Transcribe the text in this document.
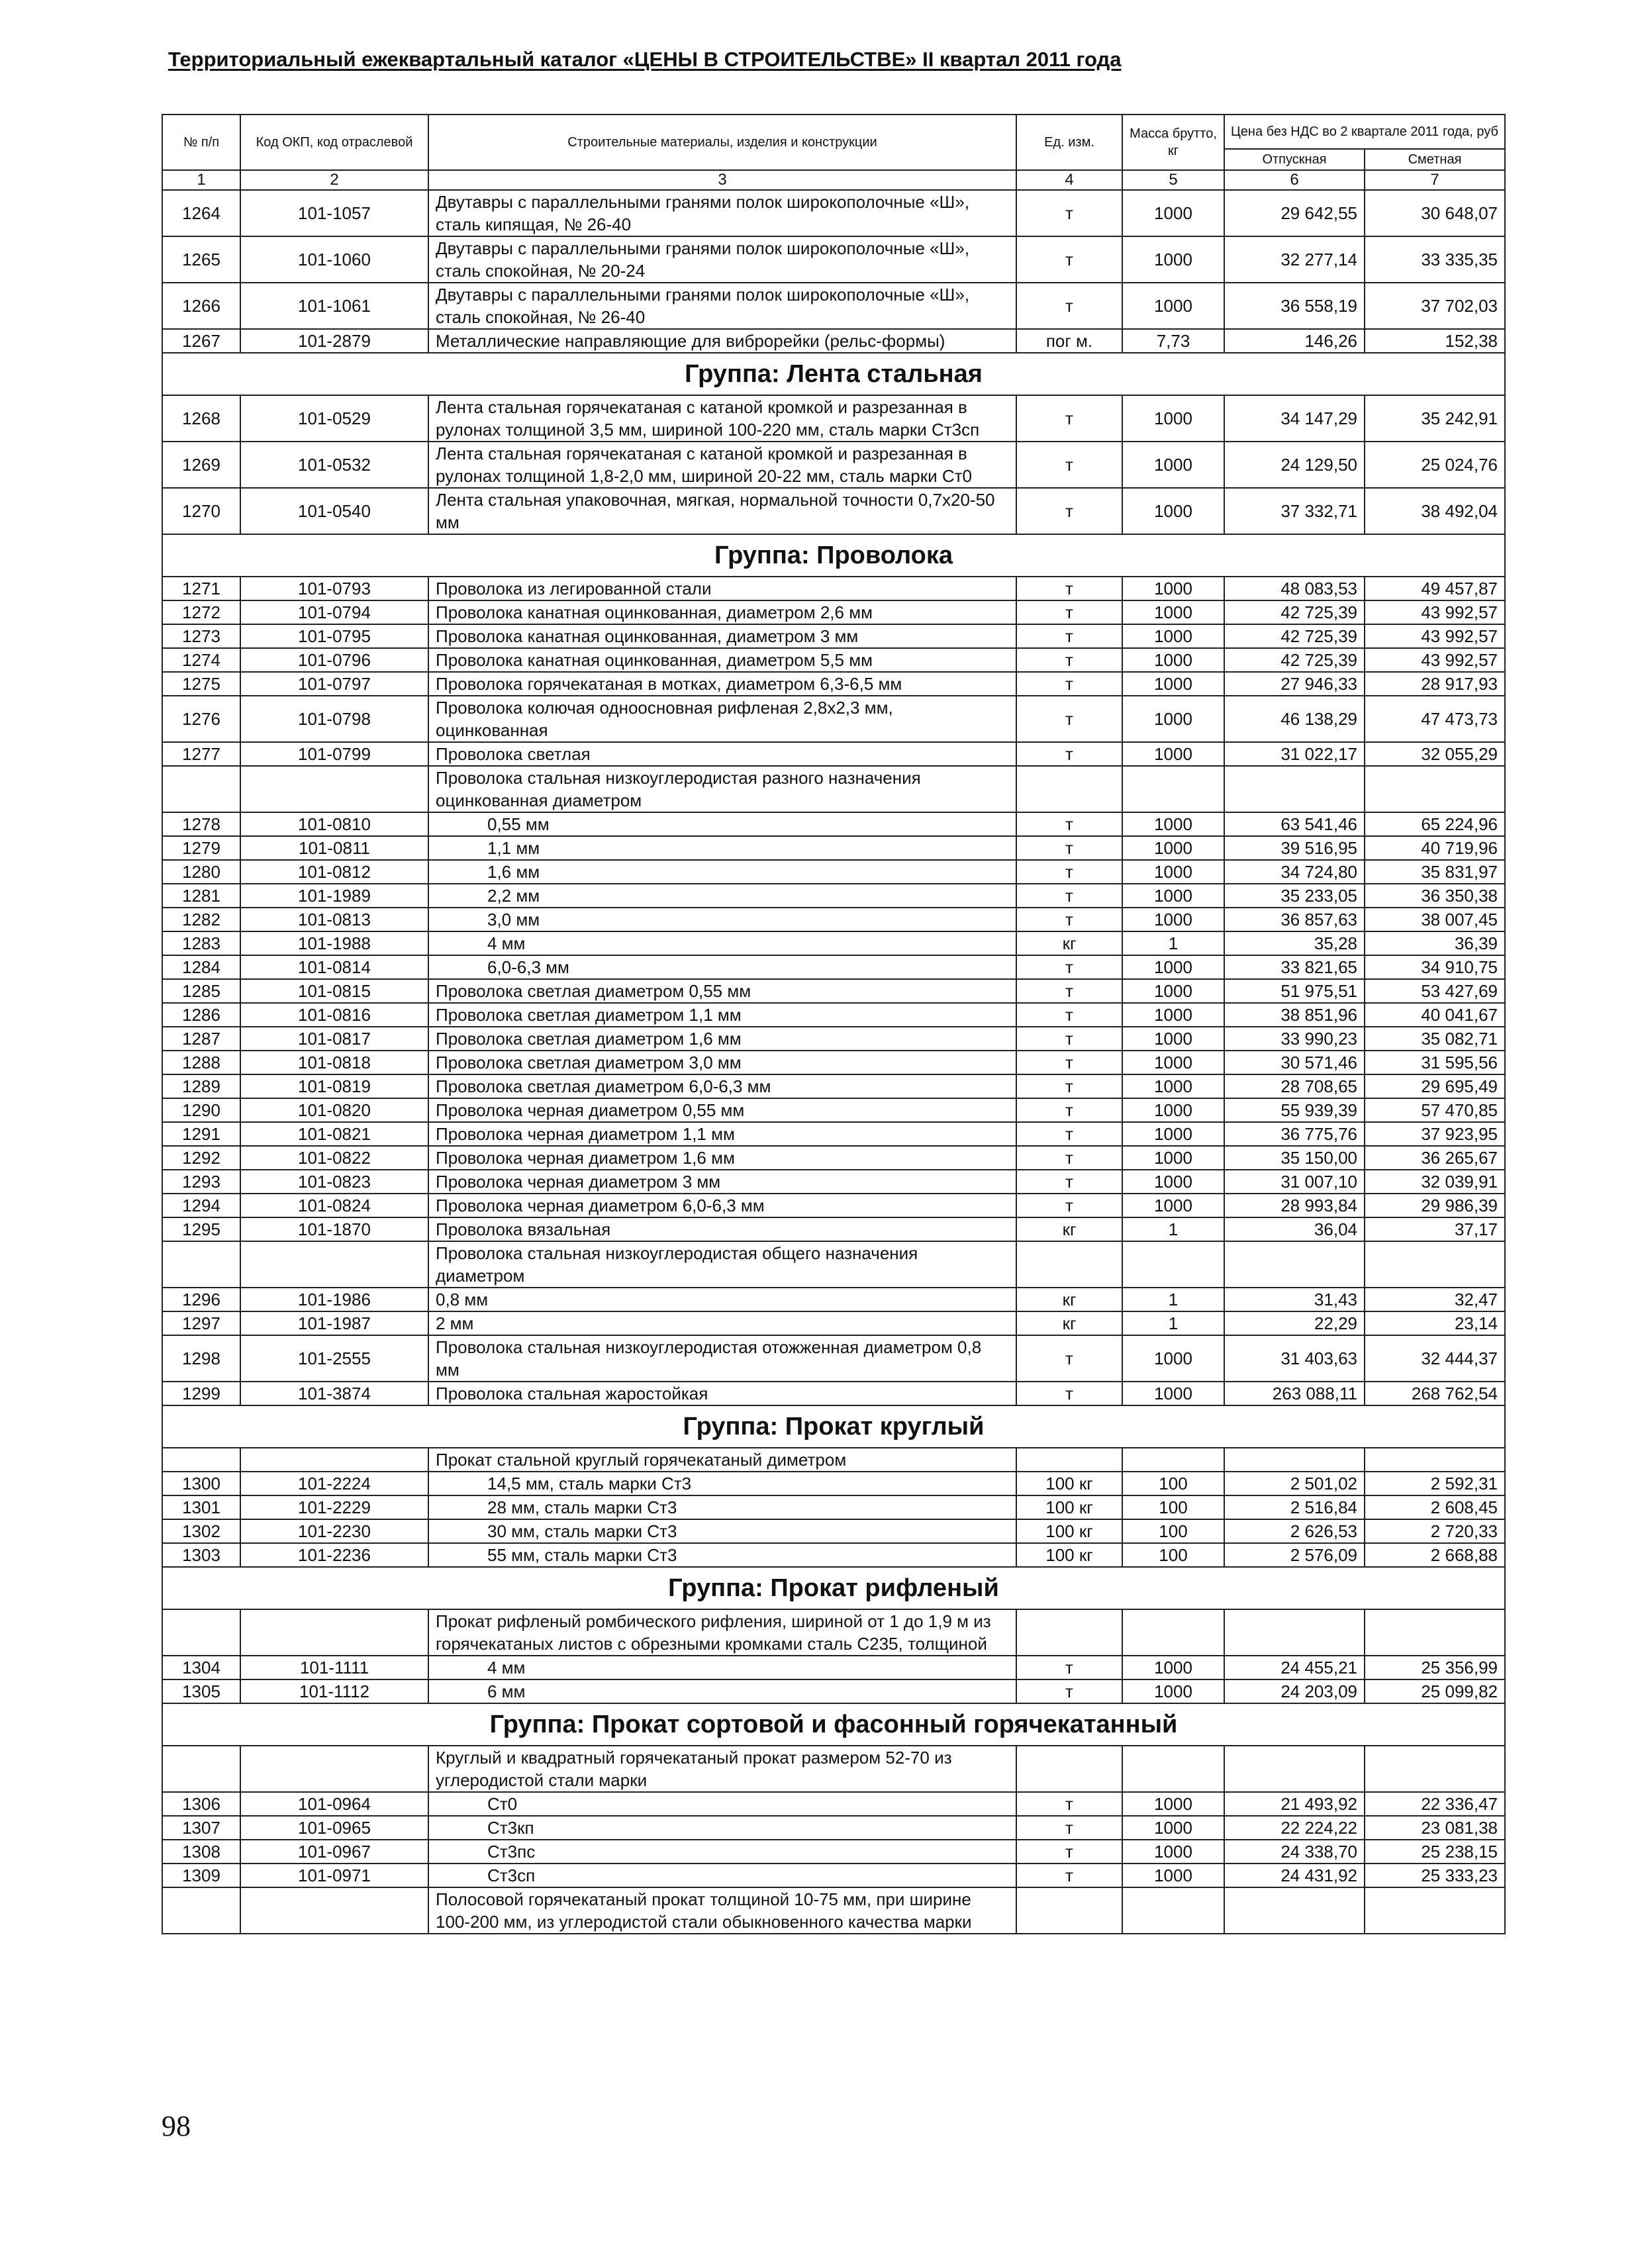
Территориальный ежеквартальный каталог «ЦЕНЫ В СТРОИТЕЛЬСТВЕ» II квартал 2011 года
№ п/п	Код ОКП, код отраслевой	Строительные материалы, изделия и конструкции	Ед. изм.	Масса брутто, кг	Цена без НДС во 2 квартале 2011 года, руб	
					Отпускная	Сметная
1	2	3	4	5	6	7
1264	101-1057	Двутавры с параллельными гранями полок широкополочные «Ш», сталь кипящая, № 26-40	т	1000	29 642,55	30 648,07
1265	101-1060	Двутавры с параллельными гранями полок широкополочные «Ш», сталь спокойная, № 20-24	т	1000	32 277,14	33 335,35
1266	101-1061	Двутавры с параллельными гранями полок широкополочные «Ш», сталь спокойная, № 26-40	т	1000	36 558,19	37 702,03
1267	101-2879	Металлические направляющие для виброрейки (рельс-формы)	пог м.	7,73	146,26	152,38
Группа: Лента стальная						
1268	101-0529	Лента стальная горячекатаная с катаной кромкой и разрезанная в рулонах толщиной 3,5 мм, шириной 100-220 мм, сталь марки Ст3сп	т	1000	34 147,29	35 242,91
1269	101-0532	Лента стальная горячекатаная с катаной кромкой и разрезанная в рулонах толщиной 1,8-2,0 мм, шириной 20-22 мм, сталь марки Ст0	т	1000	24 129,50	25 024,76
1270	101-0540	Лента стальная упаковочная, мягкая, нормальной точности 0,7х20-50 мм	т	1000	37 332,71	38 492,04
Группа: Проволока						
1271	101-0793	Проволока из легированной стали	т	1000	48 083,53	49 457,87
1272	101-0794	Проволока канатная оцинкованная, диаметром 2,6 мм	т	1000	42 725,39	43 992,57
1273	101-0795	Проволока канатная оцинкованная, диаметром 3 мм	т	1000	42 725,39	43 992,57
1274	101-0796	Проволока канатная оцинкованная, диаметром 5,5 мм	т	1000	42 725,39	43 992,57
1275	101-0797	Проволока горячекатаная в мотках, диаметром 6,3-6,5 мм	т	1000	27 946,33	28 917,93
1276	101-0798	Проволока колючая одноосновная рифленая 2,8х2,3 мм, оцинкованная	т	1000	46 138,29	47 473,73
1277	101-0799	Проволока светлая	т	1000	31 022,17	32 055,29
		Проволока стальная низкоуглеродистая разного назначения оцинкованная диаметром				
1278	101-0810	0,55 мм	т	1000	63 541,46	65 224,96
1279	101-0811	1,1 мм	т	1000	39 516,95	40 719,96
1280	101-0812	1,6 мм	т	1000	34 724,80	35 831,97
1281	101-1989	2,2 мм	т	1000	35 233,05	36 350,38
1282	101-0813	3,0 мм	т	1000	36 857,63	38 007,45
1283	101-1988	4 мм	кг	1	35,28	36,39
1284	101-0814	6,0-6,3 мм	т	1000	33 821,65	34 910,75
1285	101-0815	Проволока светлая диаметром 0,55 мм	т	1000	51 975,51	53 427,69
1286	101-0816	Проволока светлая диаметром 1,1 мм	т	1000	38 851,96	40 041,67
1287	101-0817	Проволока светлая диаметром 1,6 мм	т	1000	33 990,23	35 082,71
1288	101-0818	Проволока светлая диаметром 3,0 мм	т	1000	30 571,46	31 595,56
1289	101-0819	Проволока светлая диаметром 6,0-6,3 мм	т	1000	28 708,65	29 695,49
1290	101-0820	Проволока черная диаметром 0,55 мм	т	1000	55 939,39	57 470,85
1291	101-0821	Проволока черная диаметром 1,1 мм	т	1000	36 775,76	37 923,95
1292	101-0822	Проволока черная диаметром 1,6 мм	т	1000	35 150,00	36 265,67
1293	101-0823	Проволока черная диаметром 3 мм	т	1000	31 007,10	32 039,91
1294	101-0824	Проволока черная диаметром 6,0-6,3 мм	т	1000	28 993,84	29 986,39
1295	101-1870	Проволока вязальная	кг	1	36,04	37,17
		Проволока стальная низкоуглеродистая общего назначения диаметром				
1296	101-1986	0,8 мм	кг	1	31,43	32,47
1297	101-1987	2 мм	кг	1	22,29	23,14
1298	101-2555	Проволока стальная низкоуглеродистая отожженная диаметром 0,8 мм	т	1000	31 403,63	32 444,37
1299	101-3874	Проволока стальная жаростойкая	т	1000	263 088,11	268 762,54
Группа: Прокат круглый						
		Прокат стальной круглый горячекатаный диметром				
1300	101-2224	14,5 мм, сталь марки Ст3	100 кг	100	2 501,02	2 592,31
1301	101-2229	28 мм, сталь марки Ст3	100 кг	100	2 516,84	2 608,45
1302	101-2230	30 мм, сталь марки Ст3	100 кг	100	2 626,53	2 720,33
1303	101-2236	55 мм, сталь марки Ст3	100 кг	100	2 576,09	2 668,88
Группа: Прокат рифленый						
		Прокат рифленый ромбического рифления, шириной от 1 до 1,9 м из горячекатаных листов с обрезными кромками сталь С235, толщиной				
1304	101-1111	4 мм	т	1000	24 455,21	25 356,99
1305	101-1112	6 мм	т	1000	24 203,09	25 099,82
Группа: Прокат сортовой и фасонный горячекатанный						
		Круглый и квадратный горячекатаный прокат размером 52-70 из углеродистой стали марки				
1306	101-0964	Ст0	т	1000	21 493,92	22 336,47
1307	101-0965	Ст3кп	т	1000	22 224,22	23 081,38
1308	101-0967	Ст3пс	т	1000	24 338,70	25 238,15
1309	101-0971	Ст3сп	т	1000	24 431,92	25 333,23
		Полосовой горячекатаный прокат толщиной 10-75 мм, при ширине 100-200 мм, из углеродистой стали обыкновенного качества марки				
98
